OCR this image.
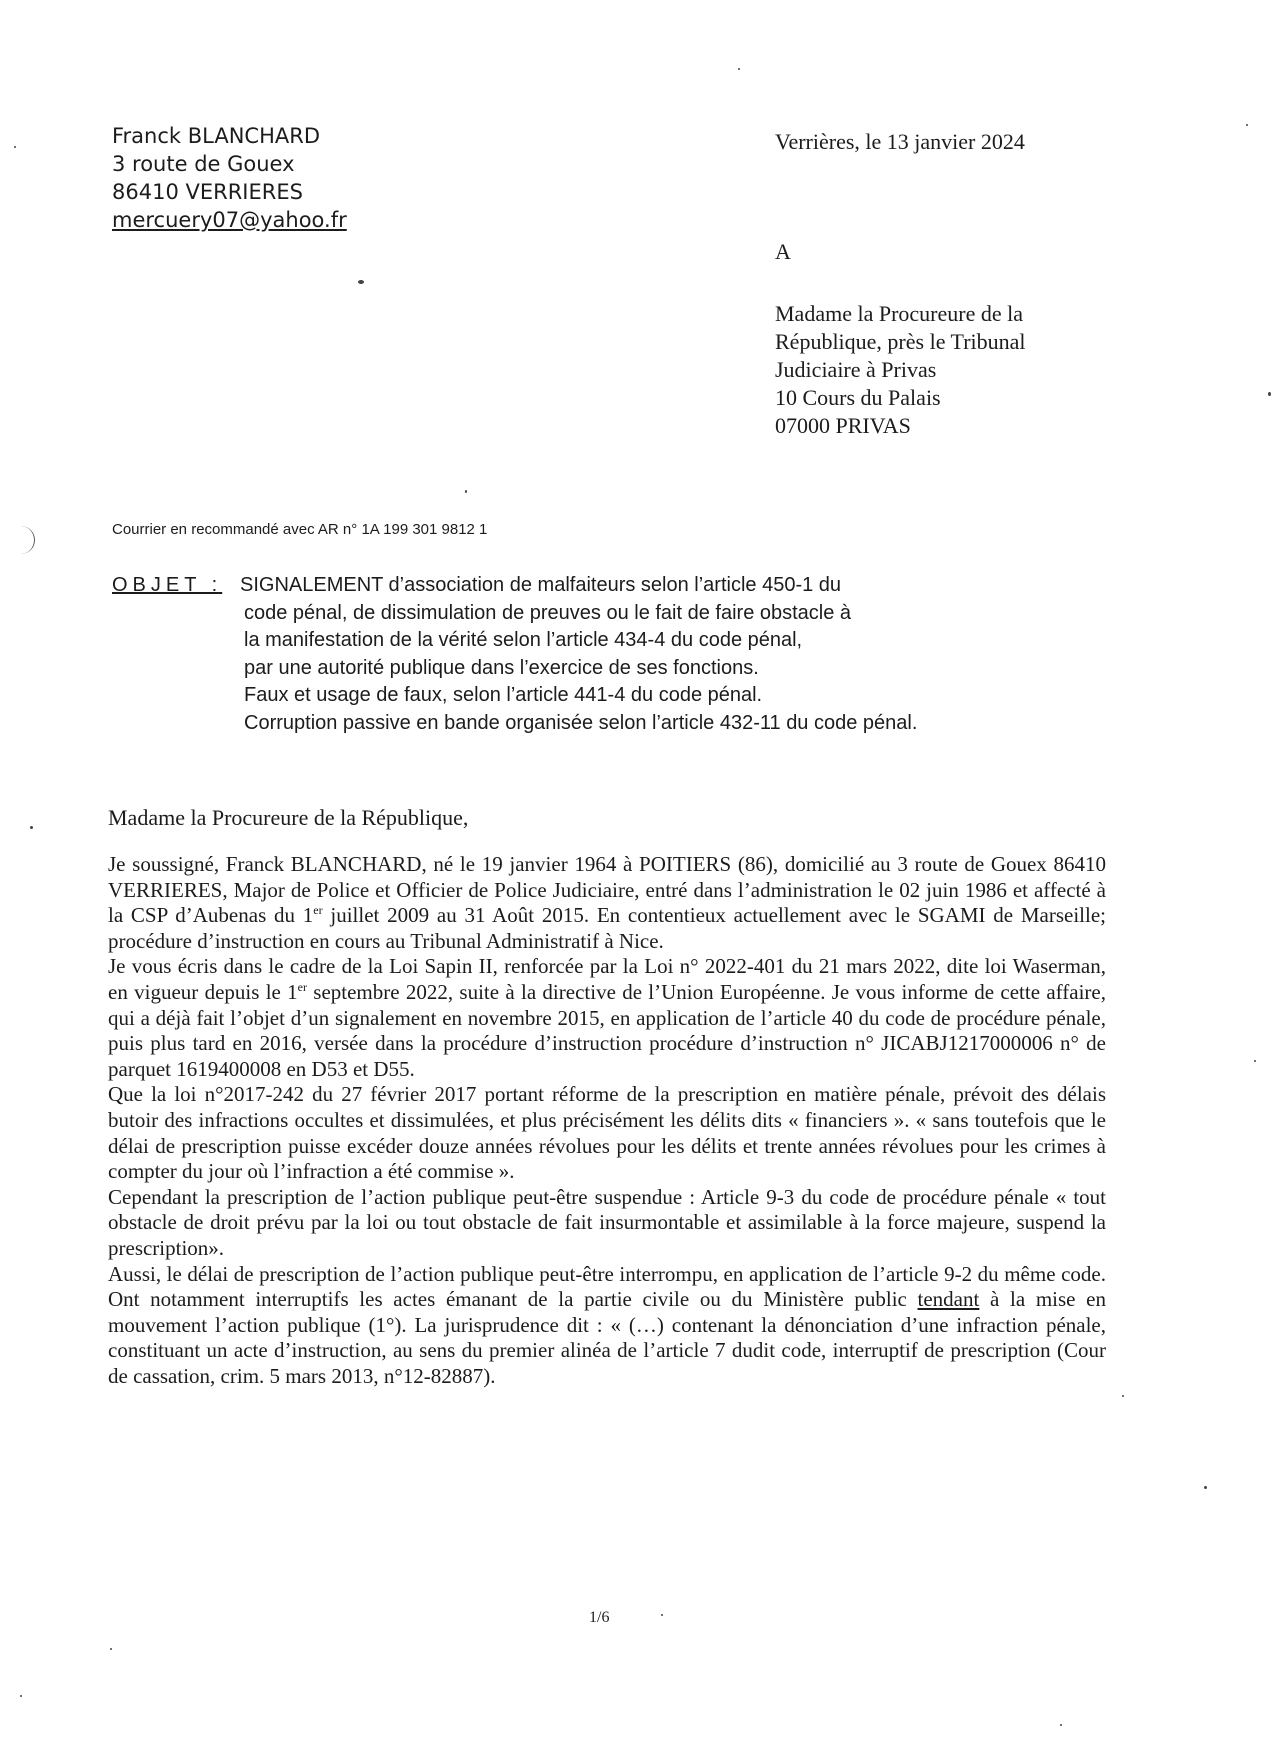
Franck BLANCHARD
3 route de Gouex
86410 VERRIERES
mercuery07@yahoo.fr
Verrières, le 13 janvier 2024
A
Madame la Procureure de la
République, près le Tribunal
Judiciaire à Privas
10 Cours du Palais
07000 PRIVAS
Courrier en recommandé avec AR n° 1A 199 301 9812 1
OBJET : SIGNALEMENT d’association de malfaiteurs selon l’article 450-1 du
code pénal, de dissimulation de preuves ou le fait de faire obstacle à
la manifestation de la vérité selon l’article 434-4 du code pénal,
par une autorité publique dans l’exercice de ses fonctions.
Faux et usage de faux, selon l’article 441-4 du code pénal.
Corruption passive en bande organisée selon l’article 432-11 du code pénal.
Madame la Procureure de la République,

Je soussigné, Franck BLANCHARD, né le 19 janvier 1964 à POITIERS (86), domicilié au 3 route de Gouex 86410 VERRIERES, Major de Police et Officier de Police Judiciaire, entré dans l’administration le 02 juin 1986 et affecté à la CSP d’Aubenas du 1er juillet 2009 au 31 Août 2015. En contentieux actuellement avec le SGAMI de Marseille; procédure d’instruction en cours au Tribunal Administratif à Nice.

Je vous écris dans le cadre de la Loi Sapin II, renforcée par la Loi n° 2022-401 du 21 mars 2022, dite loi Waserman, en vigueur depuis le 1er septembre 2022, suite à la directive de l’Union Européenne. Je vous informe de cette affaire, qui a déjà fait l’objet d’un signalement en novembre 2015, en application de l’article 40 du code de procédure pénale, puis plus tard en 2016, versée dans la procédure d’instruction procédure d’instruction n° JICABJ1217000006 n° de parquet 1619400008 en D53 et D55.

Que la loi n°2017-242 du 27 février 2017 portant réforme de la prescription en matière pénale, prévoit des délais butoir des infractions occultes et dissimulées, et plus précisément les délits dits « financiers ». « sans toutefois que le délai de prescription puisse excéder douze années révolues pour les délits et trente années révolues pour les crimes à compter du jour où l’infraction a été commise ».

Cependant la prescription de l’action publique peut-être suspendue : Article 9-3 du code de procédure pénale « tout obstacle de droit prévu par la loi ou tout obstacle de fait insurmontable et assimilable à la force majeure, suspend la prescription».

Aussi, le délai de prescription de l’action publique peut-être interrompu, en application de l’article 9-2 du même code. Ont notamment interruptifs les actes émanant de la partie civile ou du Ministère public tendant à la mise en mouvement l’action publique (1°). La jurisprudence dit : « (…) contenant la dénonciation d’une infraction pénale, constituant un acte d’instruction, au sens du premier alinéa de l’article 7 dudit code, interruptif de prescription (Cour de cassation, crim. 5 mars 2013, n°12-82887).

1/6
